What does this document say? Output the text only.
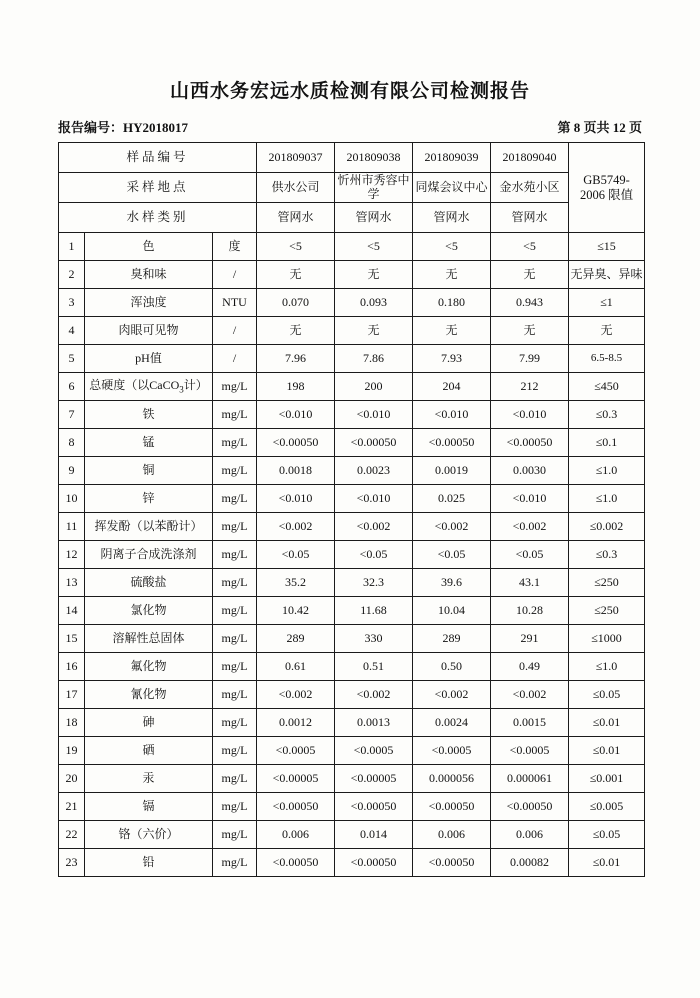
山西水务宏远水质检测有限公司检测报告
报告编号：HY2018017	第 8 页共 12 页
样品编号			201809037	201809038	201809039	201809040	GB5749-
2006 限值
采样地点			供水公司	忻州市秀容中学	同煤会议中心	金水苑小区	
水样类别			管网水	管网水	管网水	管网水	
1	色	度	<5	<5	<5	<5	≤15
2	臭和味	/	无	无	无	无	无异臭、异味
3	浑浊度	NTU	0.070	0.093	0.180	0.943	≤1
4	肉眼可见物	/	无	无	无	无	无
5	pH值	/	7.96	7.86	7.93	7.99	6.5-8.5
6	总硬度（以CaCO$_3$计）	mg/L	198	200	204	212	≤450
7	铁	mg/L	<0.010	<0.010	<0.010	<0.010	≤0.3
8	锰	mg/L	<0.00050	<0.00050	<0.00050	<0.00050	≤0.1
9	铜	mg/L	0.0018	0.0023	0.0019	0.0030	≤1.0
10	锌	mg/L	<0.010	<0.010	0.025	<0.010	≤1.0
11	挥发酚（以苯酚计）	mg/L	<0.002	<0.002	<0.002	<0.002	≤0.002
12	阴离子合成洗涤剂	mg/L	<0.05	<0.05	<0.05	<0.05	≤0.3
13	硫酸盐	mg/L	35.2	32.3	39.6	43.1	≤250
14	氯化物	mg/L	10.42	11.68	10.04	10.28	≤250
15	溶解性总固体	mg/L	289	330	289	291	≤1000
16	氟化物	mg/L	0.61	0.51	0.50	0.49	≤1.0
17	氰化物	mg/L	<0.002	<0.002	<0.002	<0.002	≤0.05
18	砷	mg/L	0.0012	0.0013	0.0024	0.0015	≤0.01
19	硒	mg/L	<0.0005	<0.0005	<0.0005	<0.0005	≤0.01
20	汞	mg/L	<0.00005	<0.00005	0.000056	0.000061	≤0.001
21	镉	mg/L	<0.00050	<0.00050	<0.00050	<0.00050	≤0.005
22	铬（六价）	mg/L	0.006	0.014	0.006	0.006	≤0.05
23	铅	mg/L	<0.00050	<0.00050	<0.00050	0.00082	≤0.01
